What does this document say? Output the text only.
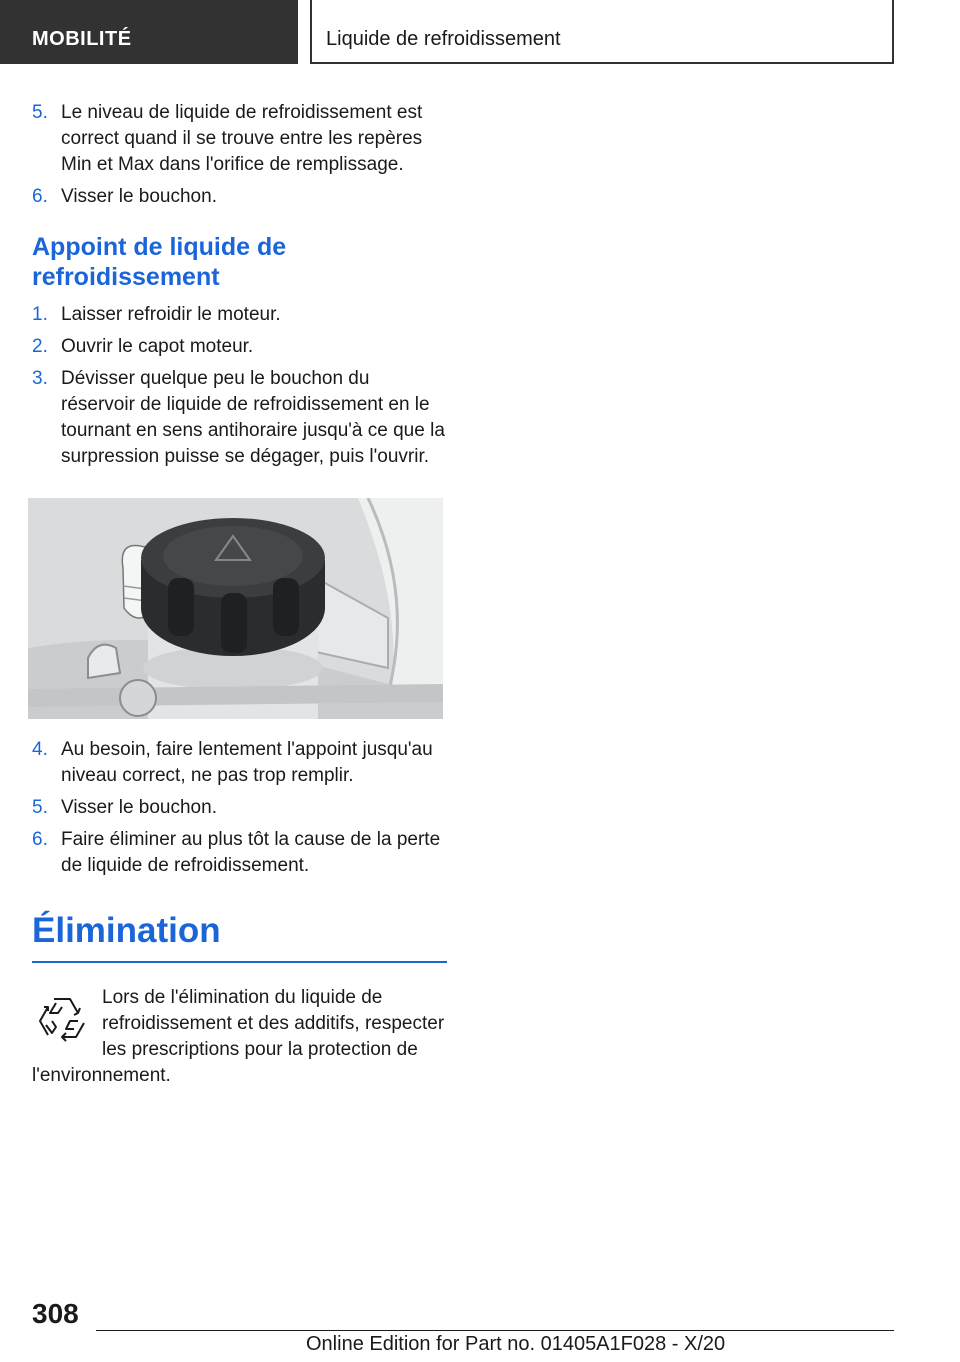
MOBILITÉ	Liquide de refroidissement
5. Le niveau de liquide de refroidissement est correct quand il se trouve entre les repères Min et Max dans l'orifice de remplissage.
6. Visser le bouchon.
Appoint de liquide de refroidissement
1. Laisser refroidir le moteur.
2. Ouvrir le capot moteur.
3. Dévisser quelque peu le bouchon du réservoir de liquide de refroidissement en le tournant en sens antihoraire jusqu'à ce que la surpression puisse se dégager, puis l'ouvrir.
4. Au besoin, faire lentement l'appoint jusqu'au niveau correct, ne pas trop remplir.
5. Visser le bouchon.
6. Faire éliminer au plus tôt la cause de la perte de liquide de refroidissement.
Élimination
Lors de l'élimination du liquide de refroidissement et des additifs, respecter les prescriptions pour la protection de l'environnement.
308
Online Edition for Part no. 01405A1F028 - X/20
